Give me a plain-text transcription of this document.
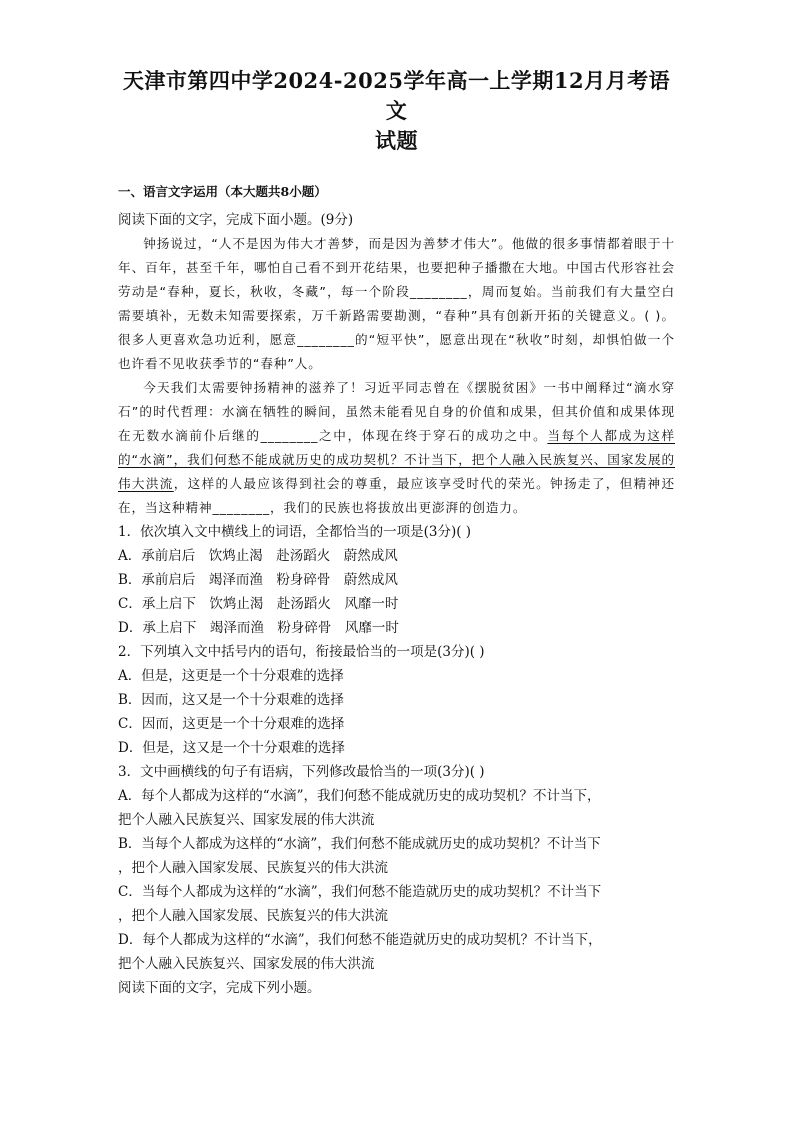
天津市第四中学2024-2025学年高一上学期12月月考语文
试题
一、语言文字运用（本大题共8小题）
阅读下面的文字，完成下面小题。(9分)

钟扬说过，“人不是因为伟大才善梦，而是因为善梦才伟大”。他做的很多事情都着眼于十年、百年，甚至千年，哪怕自己看不到开花结果，也要把种子播撒在大地。中国古代形容社会劳动是“春种，夏长，秋收，冬藏”，每一个阶段________，周而复始。当前我们有大量空白需要填补，无数未知需要探索，万千新路需要勘测，“春种”具有创新开拓的关键意义。( )。很多人更喜欢急功近利，愿意________的“短平快”，愿意出现在“秋收”时刻，却惧怕做一个也许看不见收获季节的“春种”人。

今天我们太需要钟扬精神的滋养了！习近平同志曾在《摆脱贫困》一书中阐释过“滴水穿石”的时代哲理：水滴在牺牲的瞬间，虽然未能看见自身的价值和成果，但其价值和成果体现在无数水滴前仆后继的________之中，体现在终于穿石的成功之中。当每个人都成为这样的“水滴”，我们何愁不能成就历史的成功契机？不计当下，把个人融入民族复兴、国家发展的伟大洪流，这样的人最应该得到社会的尊重，最应该享受时代的荣光。钟扬走了，但精神还在，当这种精神________，我们的民族也将拔放出更澎湃的创造力。

1．依次填入文中横线上的词语，全都恰当的一项是(3分)( )
A．承前启后　饮鸩止渴　赴汤蹈火　蔚然成风
B．承前启后　竭泽而渔　粉身碎骨　蔚然成风
C．承上启下　饮鸩止渴　赴汤蹈火　风靡一时
D．承上启下　竭泽而渔　粉身碎骨　风靡一时
2．下列填入文中括号内的语句，衔接最恰当的一项是(3分)( )
A．但是，这更是一个十分艰难的选择
B．因而，这又是一个十分艰难的选择
C．因而，这更是一个十分艰难的选择
D．但是，这又是一个十分艰难的选择
3．文中画横线的句子有语病，下列修改最恰当的一项(3分)( )
A．每个人都成为这样的“水滴”，我们何愁不能成就历史的成功契机？不计当下，
把个人融入民族复兴、国家发展的伟大洪流
B．当每个人都成为这样的“水滴”，我们何愁不能成就历史的成功契机？不计当下
，把个人融入国家发展、民族复兴的伟大洪流
C．当每个人都成为这样的“水滴”，我们何愁不能造就历史的成功契机？不计当下
，把个人融入国家发展、民族复兴的伟大洪流
D．每个人都成为这样的“水滴”，我们何愁不能造就历史的成功契机？不计当下，
把个人融入民族复兴、国家发展的伟大洪流
阅读下面的文字，完成下列小题。
